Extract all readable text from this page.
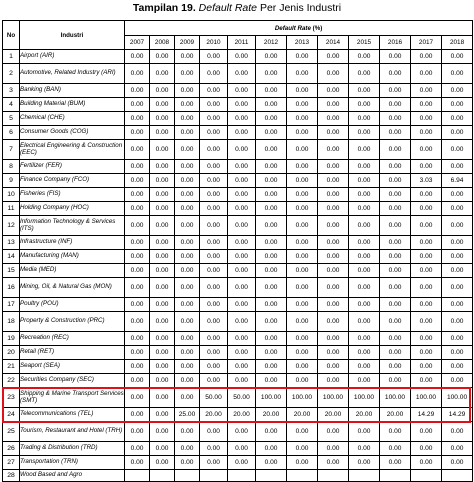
Tampilan 19. Default Rate Per Jenis Industri
No	Industri	Default Rate (%)											
		2007	2008	2009	2010	2011	2012	2013	2014	2015	2016	2017	2018
1	Airport (AIR)	0.00	0.00	0.00	0.00	0.00	0.00	0.00	0.00	0.00	0.00	0.00	0.00
2	Automotive, Related Industry (ARI)	0.00	0.00	0.00	0.00	0.00	0.00	0.00	0.00	0.00	0.00	0.00	0.00
3	Banking (BAN)	0.00	0.00	0.00	0.00	0.00	0.00	0.00	0.00	0.00	0.00	0.00	0.00
4	Building Material (BUM)	0.00	0.00	0.00	0.00	0.00	0.00	0.00	0.00	0.00	0.00	0.00	0.00
5	Chemical (CHE)	0.00	0.00	0.00	0.00	0.00	0.00	0.00	0.00	0.00	0.00	0.00	0.00
6	Consumer Goods (COG)	0.00	0.00	0.00	0.00	0.00	0.00	0.00	0.00	0.00	0.00	0.00	0.00
7	Electrical Engineering & Construction (EEC)	0.00	0.00	0.00	0.00	0.00	0.00	0.00	0.00	0.00	0.00	0.00	0.00
8	Fertilizer (FER)	0.00	0.00	0.00	0.00	0.00	0.00	0.00	0.00	0.00	0.00	0.00	0.00
9	Finance Company (FCO)	0.00	0.00	0.00	0.00	0.00	0.00	0.00	0.00	0.00	0.00	3.03	6.94
10	Fisheries (FIS)	0.00	0.00	0.00	0.00	0.00	0.00	0.00	0.00	0.00	0.00	0.00	0.00
11	Holding Company (HOC)	0.00	0.00	0.00	0.00	0.00	0.00	0.00	0.00	0.00	0.00	0.00	0.00
12	Information Technology & Services (ITS)	0.00	0.00	0.00	0.00	0.00	0.00	0.00	0.00	0.00	0.00	0.00	0.00
13	Infrastructure (INF)	0.00	0.00	0.00	0.00	0.00	0.00	0.00	0.00	0.00	0.00	0.00	0.00
14	Manufacturing (MAN)	0.00	0.00	0.00	0.00	0.00	0.00	0.00	0.00	0.00	0.00	0.00	0.00
15	Media (MED)	0.00	0.00	0.00	0.00	0.00	0.00	0.00	0.00	0.00	0.00	0.00	0.00
16	Mining, Oil, & Natural Gas (MON)	0.00	0.00	0.00	0.00	0.00	0.00	0.00	0.00	0.00	0.00	0.00	0.00
17	Poultry (POU)	0.00	0.00	0.00	0.00	0.00	0.00	0.00	0.00	0.00	0.00	0.00	0.00
18	Property & Construction (PRC)	0.00	0.00	0.00	0.00	0.00	0.00	0.00	0.00	0.00	0.00	0.00	0.00
19	Recreation (REC)	0.00	0.00	0.00	0.00	0.00	0.00	0.00	0.00	0.00	0.00	0.00	0.00
20	Retail (RET)	0.00	0.00	0.00	0.00	0.00	0.00	0.00	0.00	0.00	0.00	0.00	0.00
21	Seaport (SEA)	0.00	0.00	0.00	0.00	0.00	0.00	0.00	0.00	0.00	0.00	0.00	0.00
22	Securities Company (SEC)	0.00	0.00	0.00	0.00	0.00	0.00	0.00	0.00	0.00	0.00	0.00	0.00
23	Shipping & Marine Transport Services (SMT)	0.00	0.00	0.00	50.00	50.00	100.00	100.00	100.00	100.00	100.00	100.00	100.00
24	Telecommunications (TEL)	0.00	0.00	25.00	20.00	20.00	20.00	20.00	20.00	20.00	20.00	14.29	14.29
25	Tourism, Restaurant and Hotel (TRH)	0.00	0.00	0.00	0.00	0.00	0.00	0.00	0.00	0.00	0.00	0.00	0.00
26	Trading & Distribution (TRD)	0.00	0.00	0.00	0.00	0.00	0.00	0.00	0.00	0.00	0.00	0.00	0.00
27	Transportation (TRN)	0.00	0.00	0.00	0.00	0.00	0.00	0.00	0.00	0.00	0.00	0.00	0.00
28	Wood Based and Agro												
